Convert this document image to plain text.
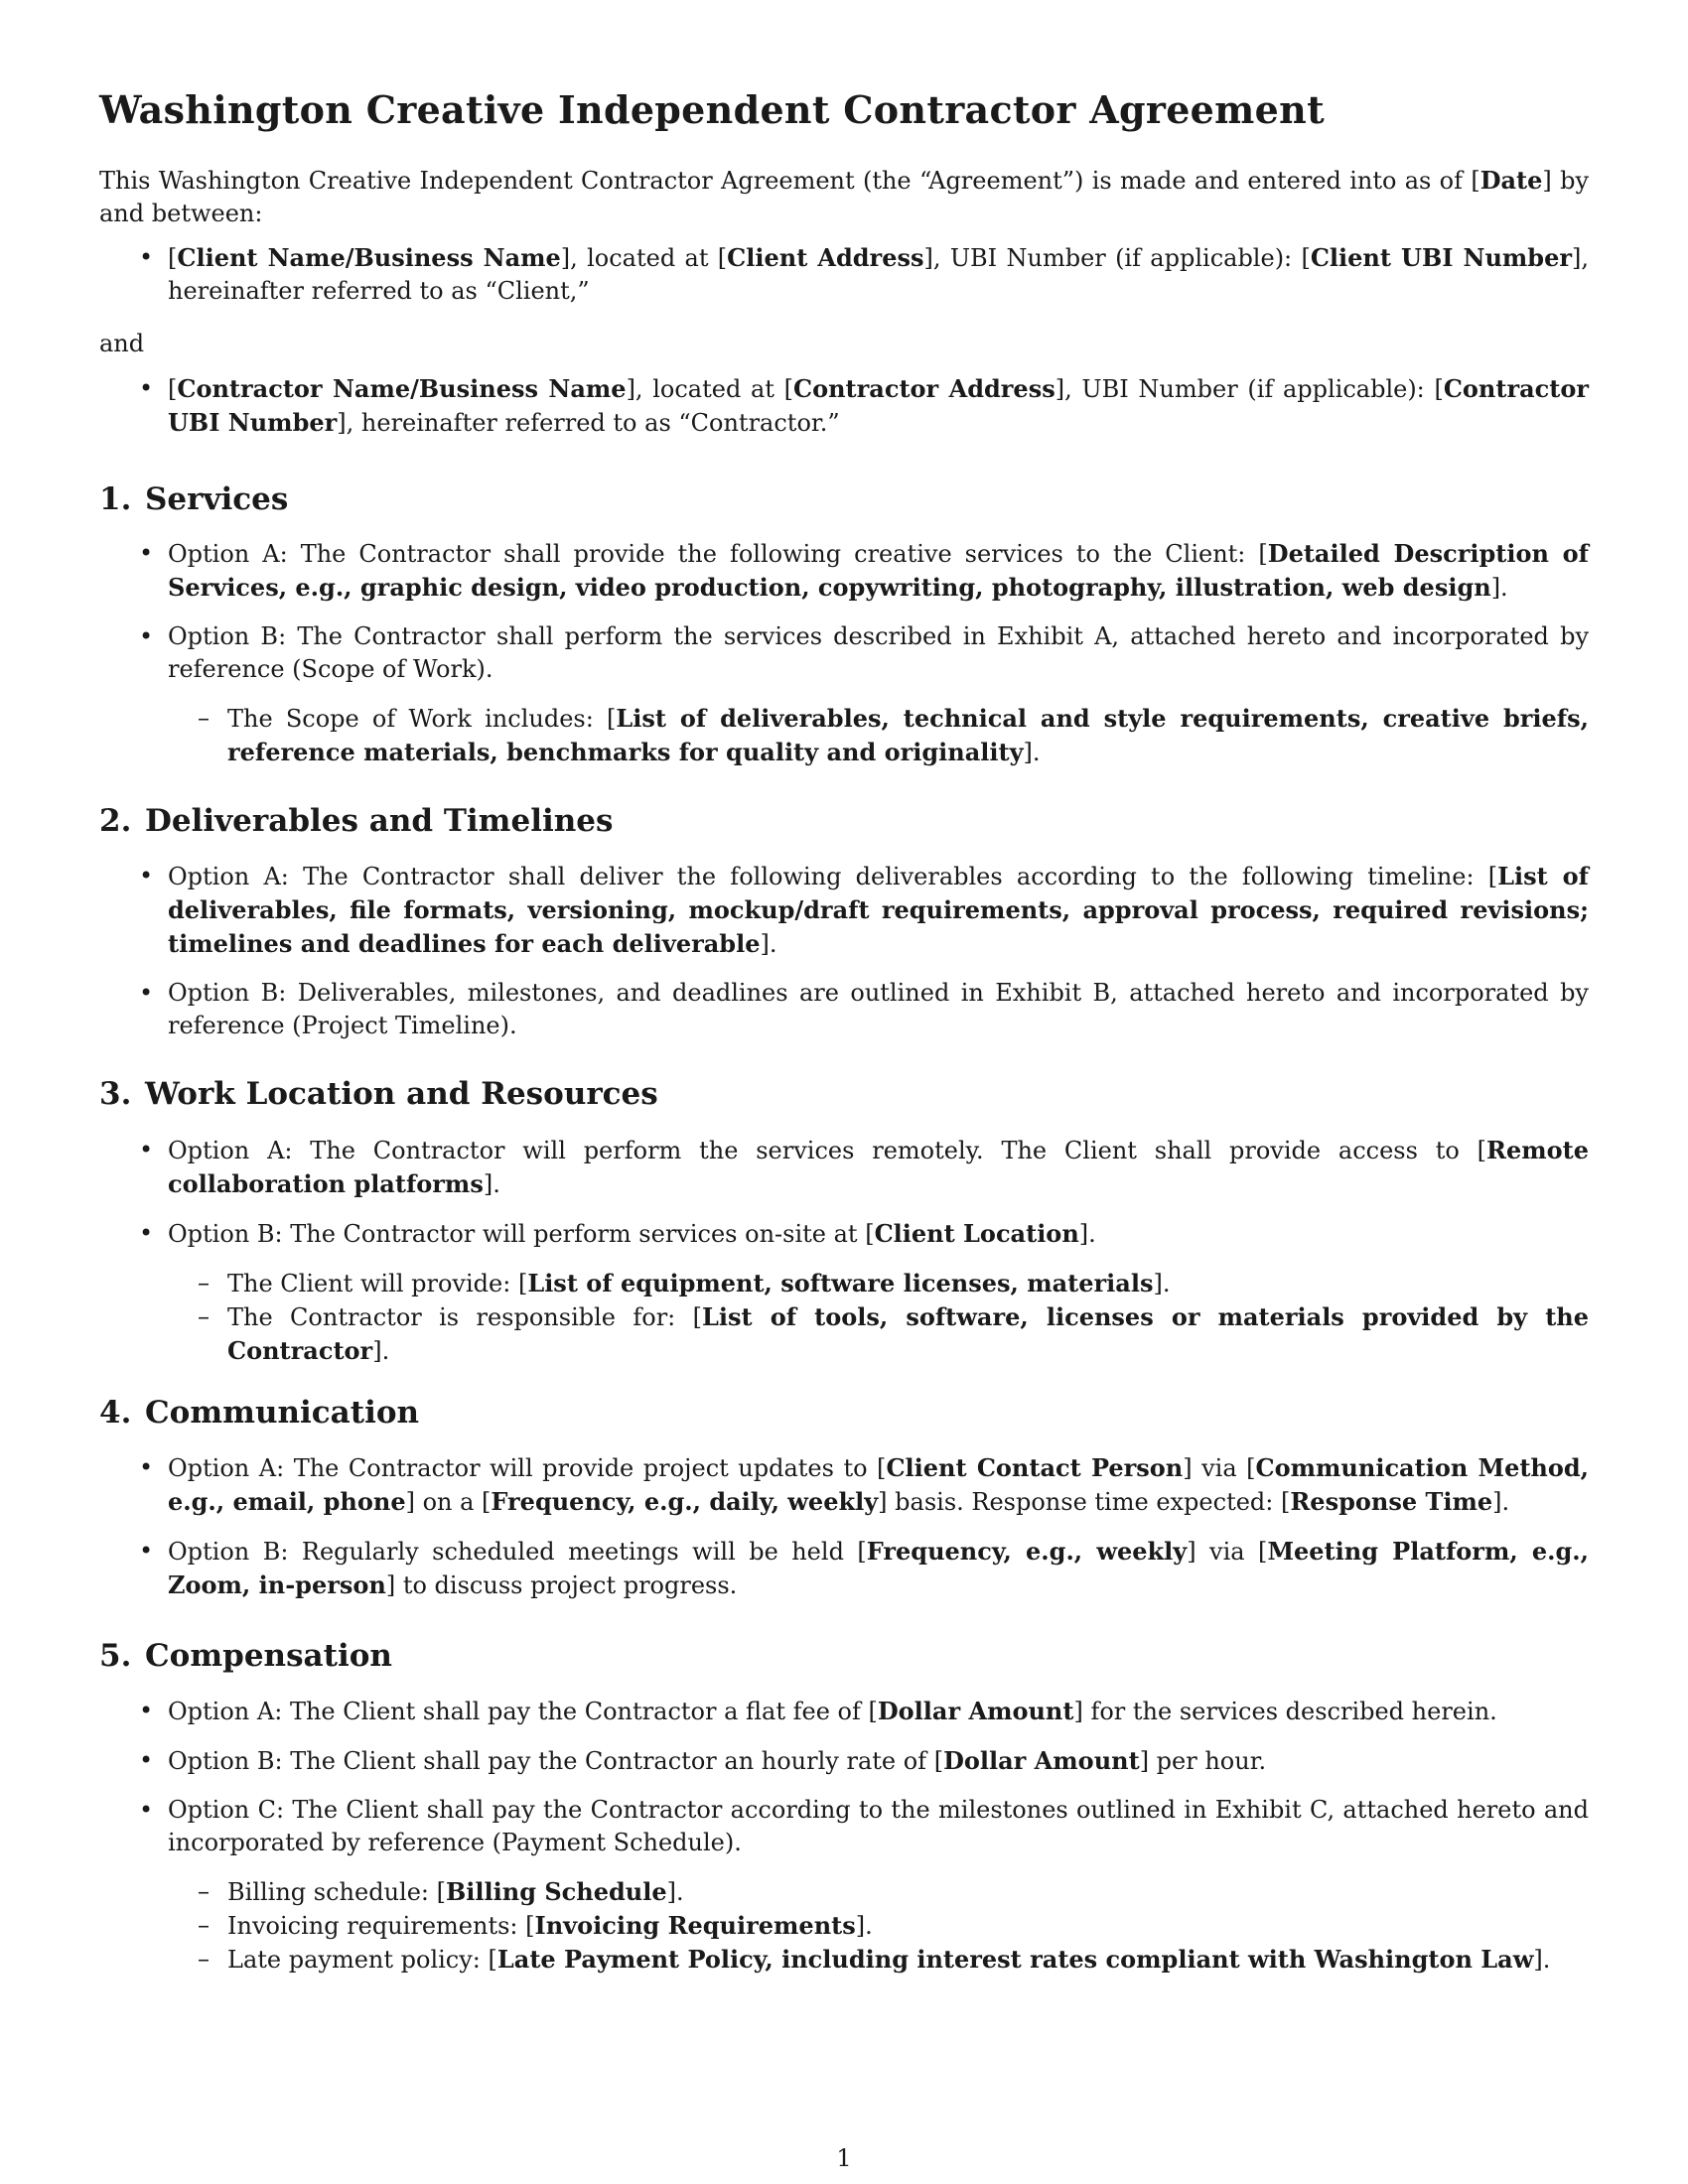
Washington Creative Independent Contractor Agreement

This Washington Creative Independent Contractor Agreement (the “Agreement”) is made and entered into as of [Date] by and between:

• [Client Name/Business Name], located at [Client Address], UBI Number (if applicable): [Client UBI Number], hereinafter referred to as “Client,”

and

• [Contractor Name/Business Name], located at [Contractor Address], UBI Number (if applicable): [Contractor UBI Number], hereinafter referred to as “Contractor.”
1. Services
• Option A: The Contractor shall provide the following creative services to the Client: [Detailed Description of Services, e.g., graphic design, video production, copywriting, photography, illustration, web design].
• Option B: The Contractor shall perform the services described in Exhibit A, attached hereto and incorporated by reference (Scope of Work).
– The Scope of Work includes: [List of deliverables, technical and style requirements, creative briefs, reference materials, benchmarks for quality and originality].
2. Deliverables and Timelines
• Option A: The Contractor shall deliver the following deliverables according to the following timeline: [List of deliverables, file formats, versioning, mockup/draft requirements, approval process, required revisions; timelines and deadlines for each deliverable].
• Option B: Deliverables, milestones, and deadlines are outlined in Exhibit B, attached hereto and incorporated by reference (Project Timeline).
3. Work Location and Resources
• Option A: The Contractor will perform the services remotely. The Client shall provide access to [Remote collaboration platforms].
• Option B: The Contractor will perform services on-site at [Client Location].
– The Client will provide: [List of equipment, software licenses, materials].
– The Contractor is responsible for: [List of tools, software, licenses or materials provided by the Contractor].
4. Communication
• Option A: The Contractor will provide project updates to [Client Contact Person] via [Communication Method, e.g., email, phone] on a [Frequency, e.g., daily, weekly] basis. Response time expected: [Response Time].
• Option B: Regularly scheduled meetings will be held [Frequency, e.g., weekly] via [Meeting Platform, e.g., Zoom, in-person] to discuss project progress.
5. Compensation
• Option A: The Client shall pay the Contractor a flat fee of [Dollar Amount] for the services described herein.
• Option B: The Client shall pay the Contractor an hourly rate of [Dollar Amount] per hour.
• Option C: The Client shall pay the Contractor according to the milestones outlined in Exhibit C, attached hereto and incorporated by reference (Payment Schedule).
– Billing schedule: [Billing Schedule].
– Invoicing requirements: [Invoicing Requirements].
– Late payment policy: [Late Payment Policy, including interest rates compliant with Washington Law].
1
